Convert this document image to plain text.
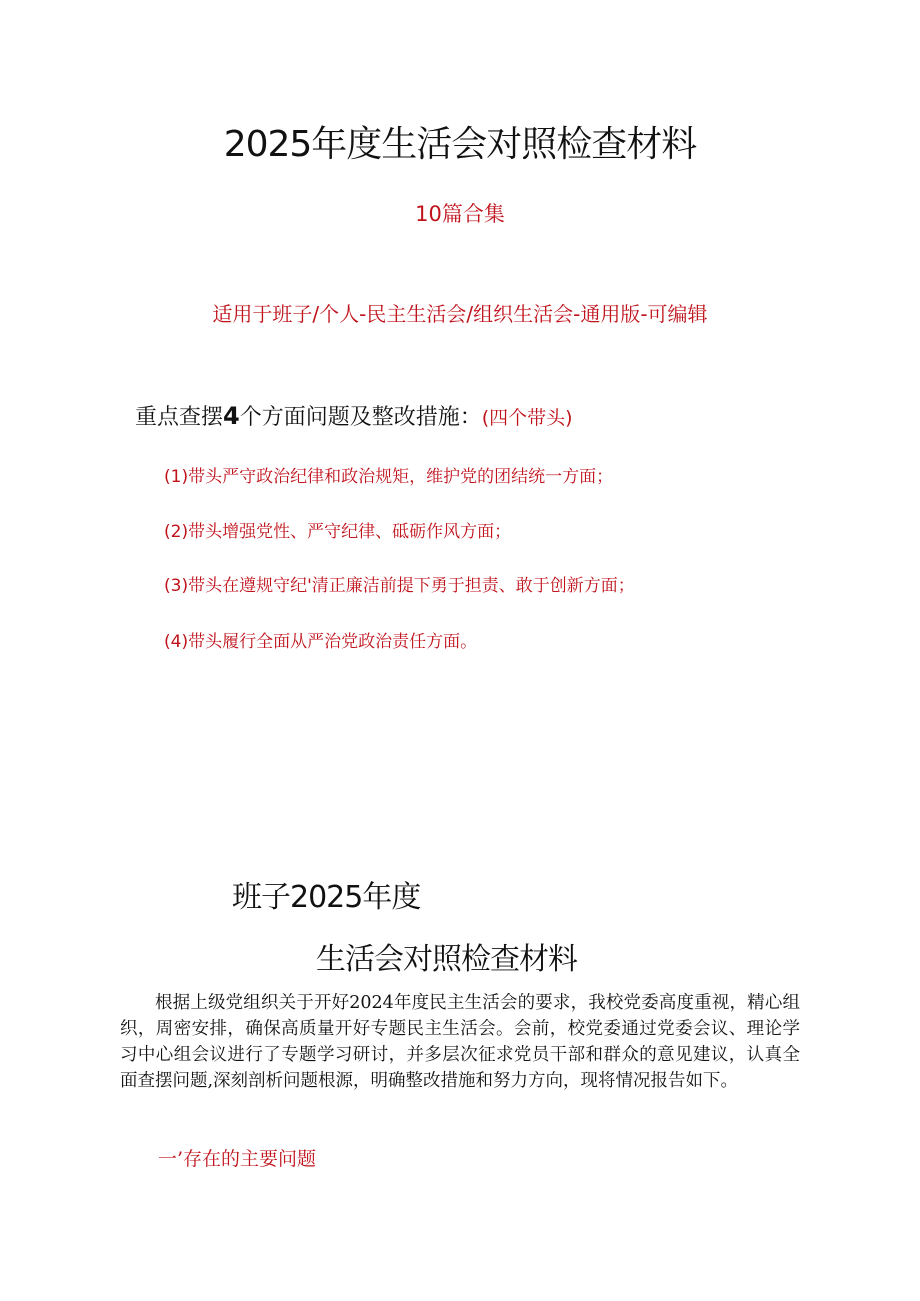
2025年度生活会对照检查材料
10篇合集
适用于班子/个人-民主生活会/组织生活会-通用版-可编辑
重点查摆4个方面问题及整改措施：(四个带头)
(1)带头严守政治纪律和政治规矩，维护党的团结统一方面；
(2)带头增强党性、严守纪律、砥砺作风方面；
(3)带头在遵规守纪'清正廉洁前提下勇于担责、敢于创新方面；
(4)带头履行全面从严治党政治责任方面。
班子2025年度
生活会对照检查材料

根据上级党组织关于开好2024年度民主生活会的要求，我校党委高度重视，精心组织，周密安排，确保高质量开好专题民主生活会。会前，校党委通过党委会议、理论学习中心组会议进行了专题学习研讨，并多层次征求党员干部和群众的意见建议，认真全面查摆问题,深刻剖析问题根源，明确整改措施和努力方向，现将情况报告如下。

一’存在的主要问题
